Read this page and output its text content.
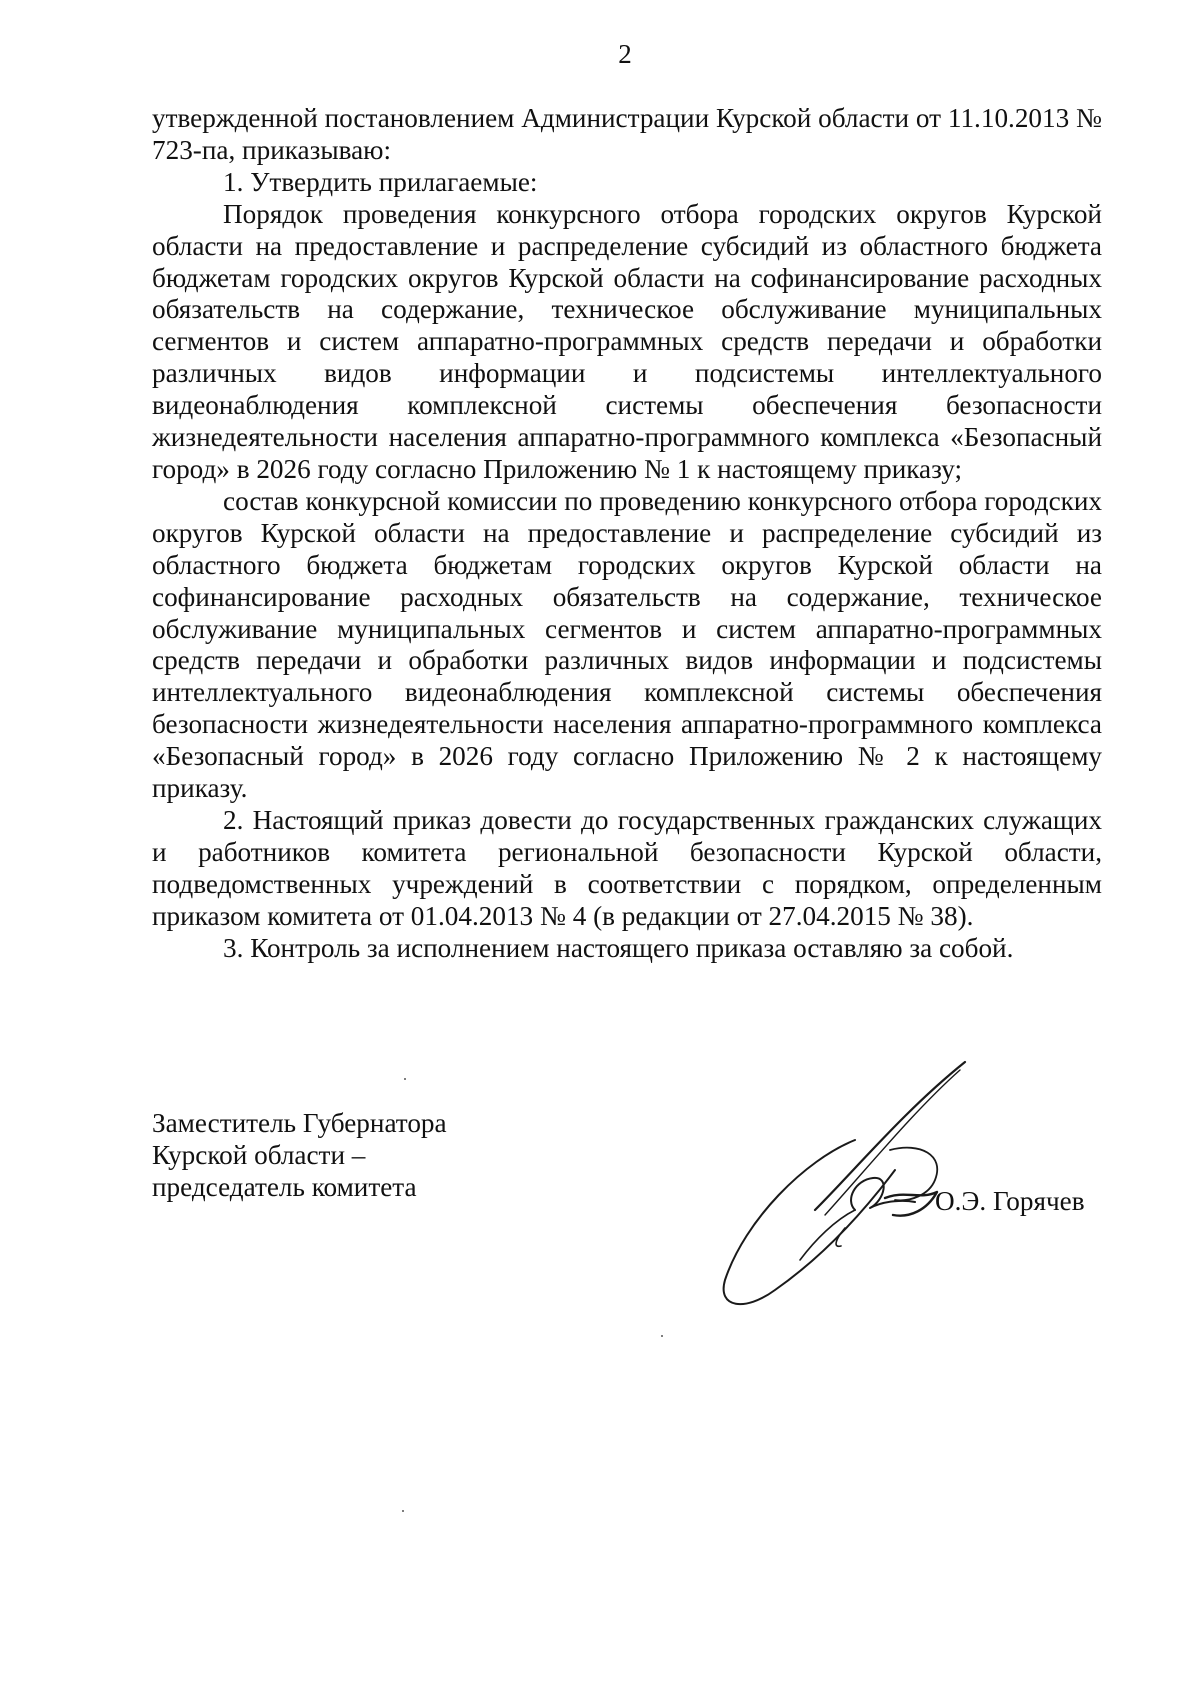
2

утвержденной постановлением Администрации Курской области от 11.10.2013 № 723-па, приказываю:

1. Утвердить прилагаемые:

Порядок проведения конкурсного отбора городских округов Курской области на предоставление и распределение субсидий из областного бюджета бюджетам городских округов Курской области на софинансирование расходных обязательств на содержание, техническое обслуживание муниципальных сегментов и систем аппаратно-программных средств передачи и обработки различных видов информации и подсистемы интеллектуального видеонаблюдения комплексной системы обеспечения безопасности жизнедеятельности населения аппаратно-программного комплекса «Безопасный город» в 2026 году согласно Приложению № 1 к настоящему приказу;

состав конкурсной комиссии по проведению конкурсного отбора городских округов Курской области на предоставление и распределение субсидий из областного бюджета бюджетам городских округов Курской области на софинансирование расходных обязательств на содержание, техническое обслуживание муниципальных сегментов и систем аппаратно-программных средств передачи и обработки различных видов информации и подсистемы интеллектуального видеонаблюдения комплексной системы обеспечения безопасности жизнедеятельности населения аппаратно-программного комплекса «Безопасный город» в 2026 году согласно Приложению № 2 к настоящему приказу.

2. Настоящий приказ довести до государственных гражданских служащих и работников комитета региональной безопасности Курской области, подведомственных учреждений в соответствии с порядком, определенным приказом комитета от 01.04.2013 № 4 (в редакции от 27.04.2015 № 38).

3. Контроль за исполнением настоящего приказа оставляю за собой.

Заместитель Губернатора
Курской области –
председатель комитета	О.Э. Горячев
